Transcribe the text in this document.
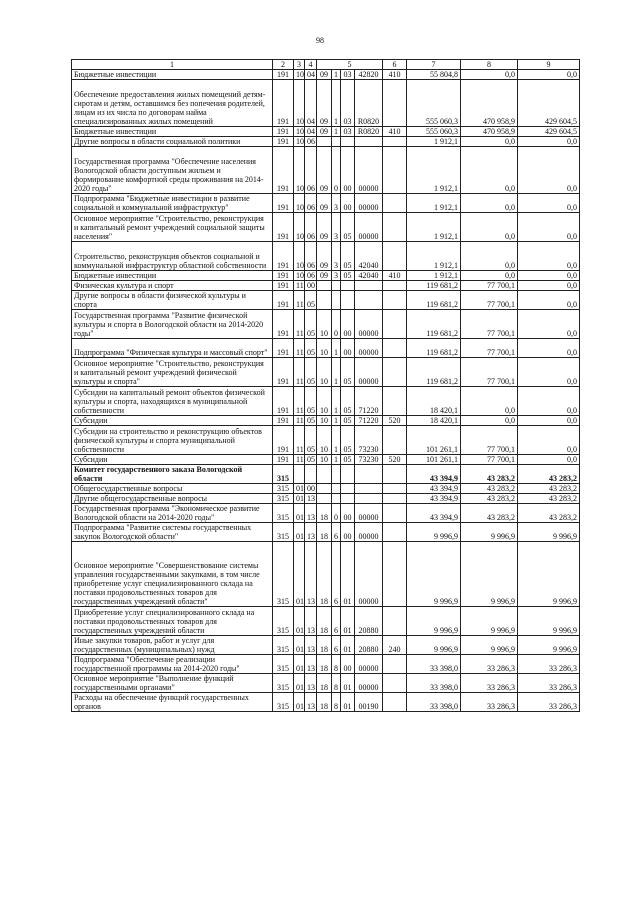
98
1	2	3	4	5				6	7	8	9
Бюджетные инвестиции	191	10	04	09	1	03	42820	410	55 804,8	0,0	0,0
Обеспечение предоставления жилых помещений детям-сиротам и детям, оставшимся без попечения родителей, лицам из их числа по договорам найма специализированных жилых помещений	191	10	04	09	1	03	R0820		555 060,3	470 958,9	429 604,5
Бюджетные инвестиции	191	10	04	09	1	03	R0820	410	555 060,3	470 958,9	429 604,5
Другие вопросы в области социальной политики	191	10	06						1 912,1	0,0	0,0
Государственная программа "Обеспечение населения Вологодской области доступным жильем и формирование комфортной среды проживания на 2014-2020 годы"	191	10	06	09	0	00	00000		1 912,1	0,0	0,0
Подпрограмма "Бюджетные инвестиции в развитие социальной и коммунальной инфраструктур"	191	10	06	09	3	00	00000		1 912,1	0,0	0,0
Основное мероприятие "Строительство, реконструкция и капитальный ремонт учреждений социальной защиты населения"	191	10	06	09	3	05	00000		1 912,1	0,0	0,0
Строительство, реконструкция объектов социальной и коммунальной инфраструктур областной собственности	191	10	06	09	3	05	42040		1 912,1	0,0	0,0
Бюджетные инвестиции	191	10	06	09	3	05	42040	410	1 912,1	0,0	0,0
Физическая культура и спорт	191	11	00						119 681,2	77 700,1	0,0
Другие вопросы в области физической культуры и спорта	191	11	05						119 681,2	77 700,1	0,0
Государственная программа "Развитие физической культуры и спорта в Вологодской области на 2014-2020 годы"	191	11	05	10	0	00	00000		119 681,2	77 700,1	0,0
Подпрограмма "Физическая культура и массовый спорт"	191	11	05	10	1	00	00000		119 681,2	77 700,1	0,0
Основное мероприятие "Строительство, реконструкция и капитальный ремонт учреждений физической культуры и спорта"	191	11	05	10	1	05	00000		119 681,2	77 700,1	0,0
Субсидии на капитальный ремонт объектов физической культуры и спорта, находящихся в муниципальной собственности	191	11	05	10	1	05	71220		18 420,1	0,0	0,0
Субсидии	191	11	05	10	1	05	71220	520	18 420,1	0,0	0,0
Субсидии на строительство и реконструкцию объектов физической культуры и спорта муниципальной собственности	191	11	05	10	1	05	73230		101 261,1	77 700,1	0,0
Субсидии	191	11	05	10	1	05	73230	520	101 261,1	77 700,1	0,0
Комитет государственного заказа Вологодской области	315								43 394,9	43 283,2	43 283,2
Общегосударственные вопросы	315	01	00						43 394,9	43 283,2	43 283,2
Другие общегосударственные вопросы	315	01	13						43 394,9	43 283,2	43 283,2
Государственная программа "Экономическое развитие Вологодской области на 2014-2020 годы"	315	01	13	18	0	00	00000		43 394,9	43 283,2	43 283,2
Подпрограмма "Развитие системы государственных закупок Вологодской области"	315	01	13	18	6	00	00000		9 996,9	9 996,9	9 996,9
Основное мероприятие "Совершенствование системы управления государственными закупками, в том числе приобретение услуг специализированного склада на поставки продовольственных товаров для государственных учреждений области"	315	01	13	18	6	01	00000		9 996,9	9 996,9	9 996,9
Приобретение услуг специализированного склада на поставки продовольственных товаров для государственных учреждений области	315	01	13	18	6	01	20880		9 996,9	9 996,9	9 996,9
Иные закупки товаров, работ и услуг для государственных (муниципальных) нужд	315	01	13	18	6	01	20880	240	9 996,9	9 996,9	9 996,9
Подпрограмма "Обеспечение реализации государственной программы на 2014-2020 годы"	315	01	13	18	8	00	00000		33 398,0	33 286,3	33 286,3
Основное мероприятие "Выполнение функций государственными органами"	315	01	13	18	8	01	00000		33 398,0	33 286,3	33 286,3
Расходы на обеспечение функций государственных органов	315	01	13	18	8	01	00190		33 398,0	33 286,3	33 286,3
